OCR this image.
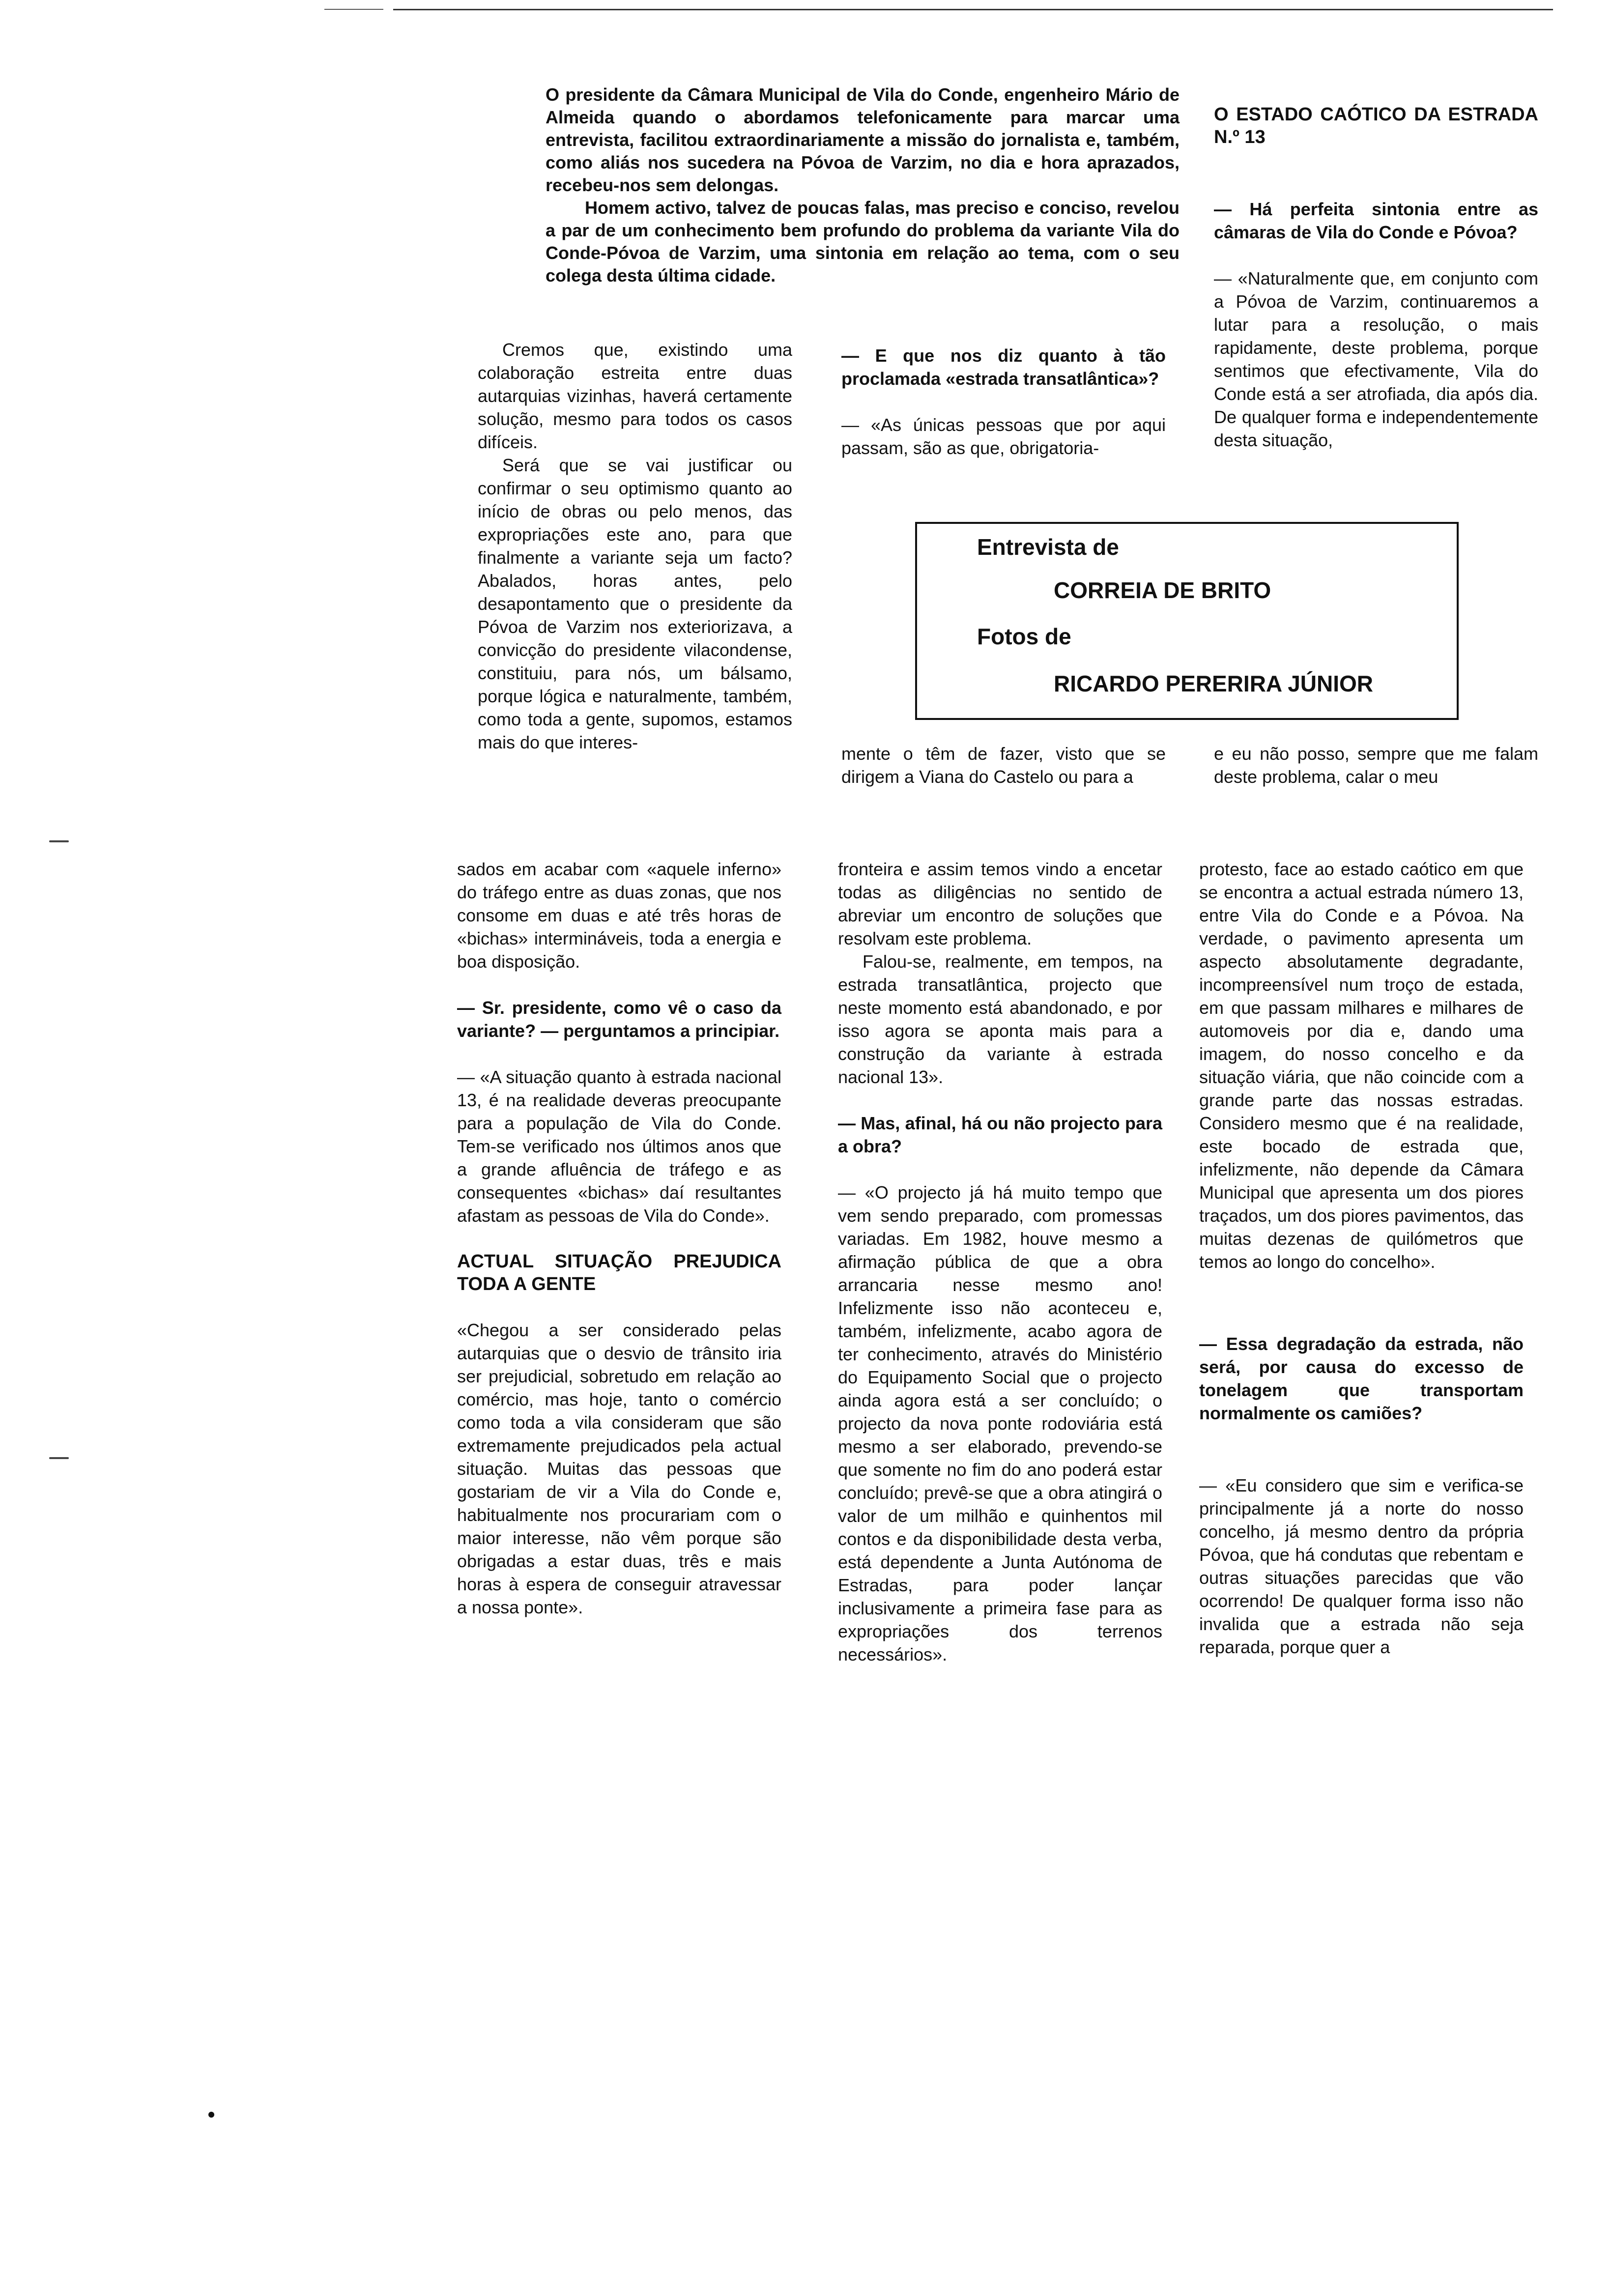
O presidente da Câmara Municipal de Vila do Conde, engenheiro Mário de Almeida quando o abordamos telefonicamente para marcar uma entrevista, facilitou extraordinariamente a missão do jornalista e, também, como aliás nos sucedera na Póvoa de Varzim, no dia e hora aprazados, recebeu-nos sem delongas.

Homem activo, talvez de poucas falas, mas preciso e conciso, revelou a par de um conhecimento bem profundo do problema da variante Vila do Conde-Póvoa de Varzim, uma sintonia em relação ao tema, com o seu colega desta última cidade.

Cremos que, existindo uma colaboração estreita entre duas autarquias vizinhas, haverá certamente solução, mesmo para todos os casos difíceis.

Será que se vai justificar ou confirmar o seu optimismo quanto ao início de obras ou pelo menos, das expropriações este ano, para que finalmente a variante seja um facto? Abalados, horas antes, pelo desapontamento que o presidente da Póvoa de Varzim nos exteriorizava, a convicção do presidente vilacondense, constituiu, para nós, um bálsamo, porque lógica e naturalmente, também, como toda a gente, supomos, estamos mais do que interes-

— E que nos diz quanto à tão proclamada «estrada transatlântica»?

— «As únicas pessoas que por aqui passam, são as que, obrigatoria-

mente o têm de fazer, visto que se dirigem a Viana do Castelo ou para a

O ESTADO CAÓTICO DA ESTRADA N.º 13

— Há perfeita sintonia entre as câmaras de Vila do Conde e Póvoa?

— «Naturalmente que, em conjunto com a Póvoa de Varzim, continuaremos a lutar para a resolução, o mais rapidamente, deste problema, porque sentimos que efectivamente, Vila do Conde está a ser atrofiada, dia após dia. De qualquer forma e independentemente desta situação,

e eu não posso, sempre que me falam deste problema, calar o meu

Entrevista de
CORREIA DE BRITO
Fotos de
RICARDO PERERIRA JÚNIOR

sados em acabar com «aquele inferno» do tráfego entre as duas zonas, que nos consome em duas e até três horas de «bichas» intermináveis, toda a energia e boa disposição.

— Sr. presidente, como vê o caso da variante? — perguntamos a principiar.

— «A situação quanto à estrada nacional 13, é na realidade deveras preocupante para a população de Vila do Conde. Tem-se verificado nos últimos anos que a grande afluência de tráfego e as consequentes «bichas» daí resultantes afastam as pessoas de Vila do Conde».

ACTUAL SITUAÇÃO PREJUDICA TODA A GENTE

«Chegou a ser considerado pelas autarquias que o desvio de trânsito iria ser prejudicial, sobretudo em relação ao comércio, mas hoje, tanto o comércio como toda a vila consideram que são extremamente prejudicados pela actual situação. Muitas das pessoas que gostariam de vir a Vila do Conde e, habitualmente nos procurariam com o maior interesse, não vêm porque são obrigadas a estar duas, três e mais horas à espera de conseguir atravessar a nossa ponte».

fronteira e assim temos vindo a encetar todas as diligências no sentido de abreviar um encontro de soluções que resolvam este problema.

Falou-se, realmente, em tempos, na estrada transatlântica, projecto que neste momento está abandonado, e por isso agora se aponta mais para a construção da variante à estrada nacional 13».

— Mas, afinal, há ou não projecto para a obra?

— «O projecto já há muito tempo que vem sendo preparado, com promessas variadas. Em 1982, houve mesmo a afirmação pública de que a obra arrancaria nesse mesmo ano! Infelizmente isso não aconteceu e, também, infelizmente, acabo agora de ter conhecimento, através do Ministério do Equipamento Social que o projecto ainda agora está a ser concluído; o projecto da nova ponte rodoviária está mesmo a ser elaborado, prevendo-se que somente no fim do ano poderá estar concluído; prevê-se que a obra atingirá o valor de um milhão e quinhentos mil contos e da disponibilidade desta verba, está dependente a Junta Autónoma de Estradas, para poder lançar inclusivamente a primeira fase para as expropriações dos terrenos necessários».

protesto, face ao estado caótico em que se encontra a actual estrada número 13, entre Vila do Conde e a Póvoa. Na verdade, o pavimento apresenta um aspecto absolutamente degradante, incompreensível num troço de estada, em que passam milhares e milhares de automoveis por dia e, dando uma imagem, do nosso concelho e da situação viária, que não coincide com a grande parte das nossas estradas. Considero mesmo que é na realidade, este bocado de estrada que, infelizmente, não depende da Câmara Municipal que apresenta um dos piores traçados, um dos piores pavimentos, das muitas dezenas de quilómetros que temos ao longo do concelho».

— Essa degradação da estrada, não será, por causa do excesso de tonelagem que transportam normalmente os camiões?

— «Eu considero que sim e verifica-se principalmente já a norte do nosso concelho, já mesmo dentro da própria Póvoa, que há condutas que rebentam e outras situações parecidas que vão ocorrendo! De qualquer forma isso não invalida que a estrada não seja reparada, porque quer a
